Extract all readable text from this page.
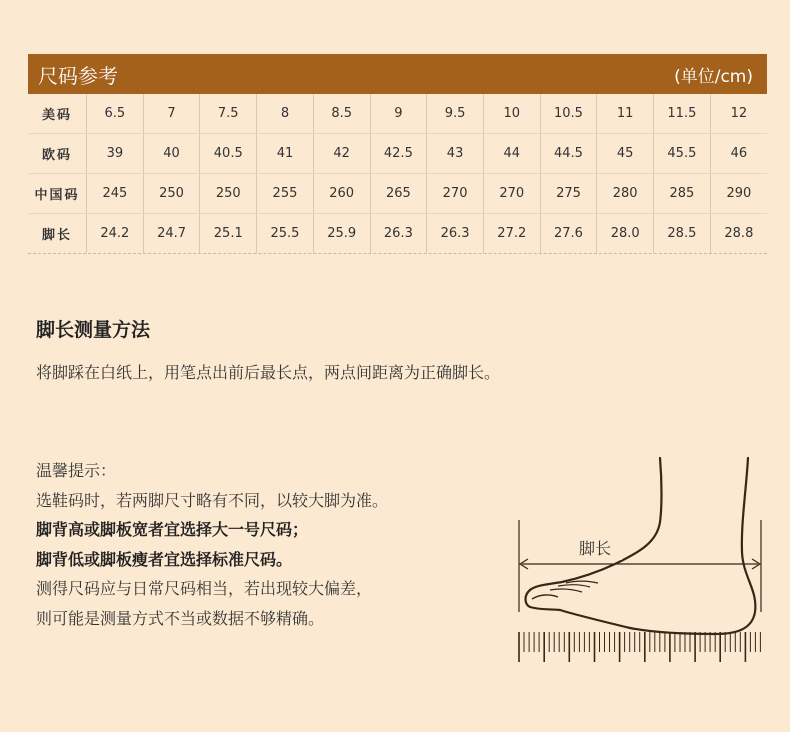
尺码参考	(单位/cm)
美码	6.5	7	7.5	8	8.5	9	9.5	10	10.5	11	11.5	12
欧码	39	40	40.5	41	42	42.5	43	44	44.5	45	45.5	46
中国码	245	250	250	255	260	265	270	270	275	280	285	290
脚长	24.2	24.7	25.1	25.5	25.9	26.3	26.3	27.2	27.6	28.0	28.5	28.8
脚长测量方法
将脚踩在白纸上，用笔点出前后最长点，两点间距离为正确脚长。
温馨提示：
选鞋码时，若两脚尺寸略有不同，以较大脚为准。
脚背高或脚板宽者宜选择大一号尺码；
脚背低或脚板瘦者宜选择标准尺码。
测得尺码应与日常尺码相当，若出现较大偏差，
则可能是测量方式不当或数据不够精确。
脚长
